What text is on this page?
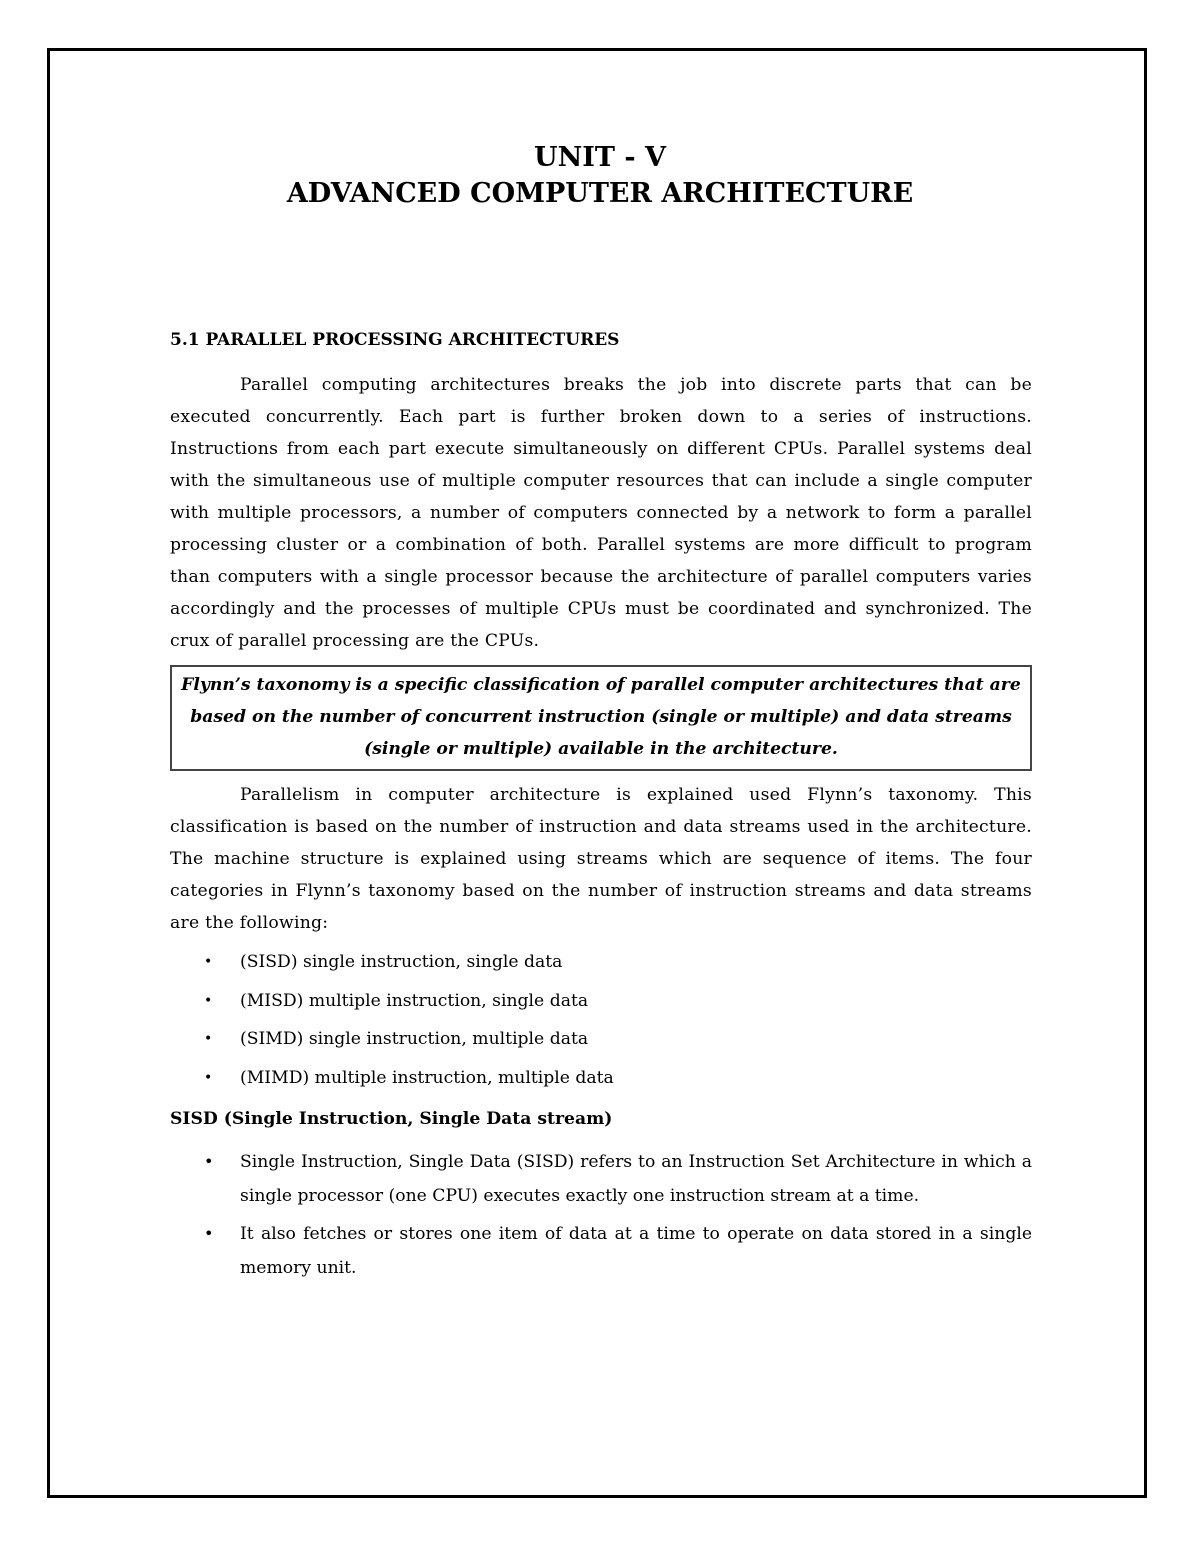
UNIT - V
ADVANCED COMPUTER ARCHITECTURE
5.1 PARALLEL PROCESSING ARCHITECTURES

Parallel computing architectures breaks the job into discrete parts that can be executed concurrently. Each part is further broken down to a series of instructions. Instructions from each part execute simultaneously on different CPUs. Parallel systems deal with the simultaneous use of multiple computer resources that can include a single computer with multiple processors, a number of computers connected by a network to form a parallel processing cluster or a combination of both. Parallel systems are more difficult to program than computers with a single processor because the architecture of parallel computers varies accordingly and the processes of multiple CPUs must be coordinated and synchronized. The crux of parallel processing are the CPUs.

Flynn’s taxonomy is a specific classification of parallel computer architectures that are based on the number of concurrent instruction (single or multiple) and data streams (single or multiple) available in the architecture.

Parallelism in computer architecture is explained used Flynn’s taxonomy. This classification is based on the number of instruction and data streams used in the architecture. The machine structure is explained using streams which are sequence of items. The four categories in Flynn’s taxonomy based on the number of instruction streams and data streams are the following:

• (SISD) single instruction, single data
• (MISD) multiple instruction, single data
• (SIMD) single instruction, multiple data
• (MIMD) multiple instruction, multiple data
SISD (Single Instruction, Single Data stream)
• Single Instruction, Single Data (SISD) refers to an Instruction Set Architecture in which a single processor (one CPU) executes exactly one instruction stream at a time.
• It also fetches or stores one item of data at a time to operate on data stored in a single memory unit.
